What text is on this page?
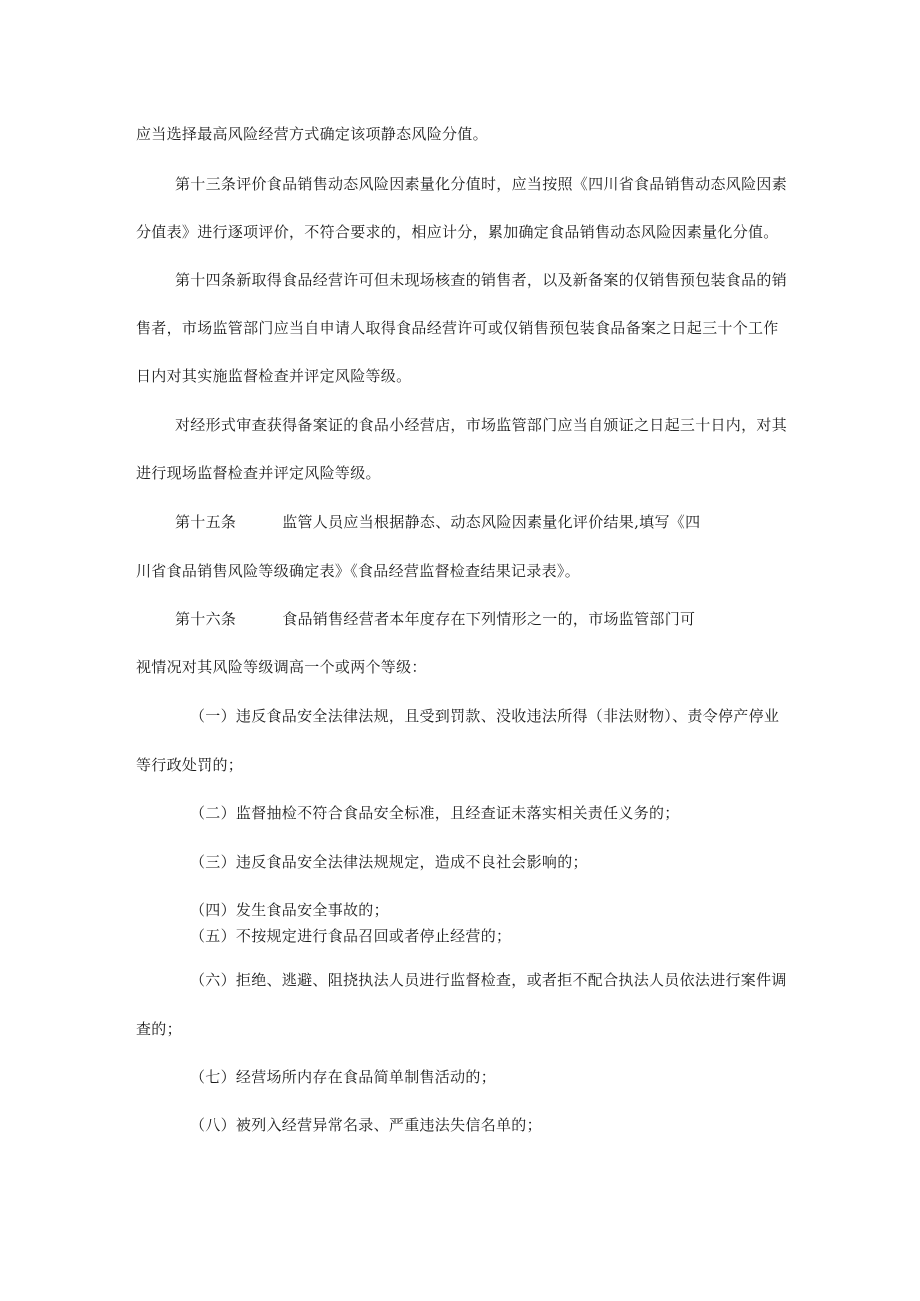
应当选择最高风险经营方式确定该项静态风险分值。
第十三条评价食品销售动态风险因素量化分值时，应当按照《四川省食品销售动态风险因素
分值表》进行逐项评价，不符合要求的，相应计分，累加确定食品销售动态风险因素量化分值。
第十四条新取得食品经营许可但未现场核查的销售者，以及新备案的仅销售预包装食品的销
售者，市场监管部门应当自申请人取得食品经营许可或仅销售预包装食品备案之日起三十个工作
日内对其实施监督检查并评定风险等级。
对经形式审查获得备案证的食品小经营店，市场监管部门应当自颁证之日起三十日内，对其
进行现场监督检查并评定风险等级。
第十五条	监管人员应当根据静态、动态风险因素量化评价结果,填写《四
川省食品销售风险等级确定表》《食品经营监督检查结果记录表》。
第十六条	食品销售经营者本年度存在下列情形之一的，市场监管部门可
视情况对其风险等级调高一个或两个等级：
（一）违反食品安全法律法规，且受到罚款、没收违法所得（非法财物）、责令停产停业
等行政处罚的；
（二）监督抽检不符合食品安全标准，且经查证未落实相关责任义务的；
（三）违反食品安全法律法规规定，造成不良社会影响的；
（四）发生食品安全事故的；
（五）不按规定进行食品召回或者停止经营的；
（六）拒绝、逃避、阻挠执法人员进行监督检查，或者拒不配合执法人员依法进行案件调
查的；
（七）经营场所内存在食品简单制售活动的；
（八）被列入经营异常名录、严重违法失信名单的；
